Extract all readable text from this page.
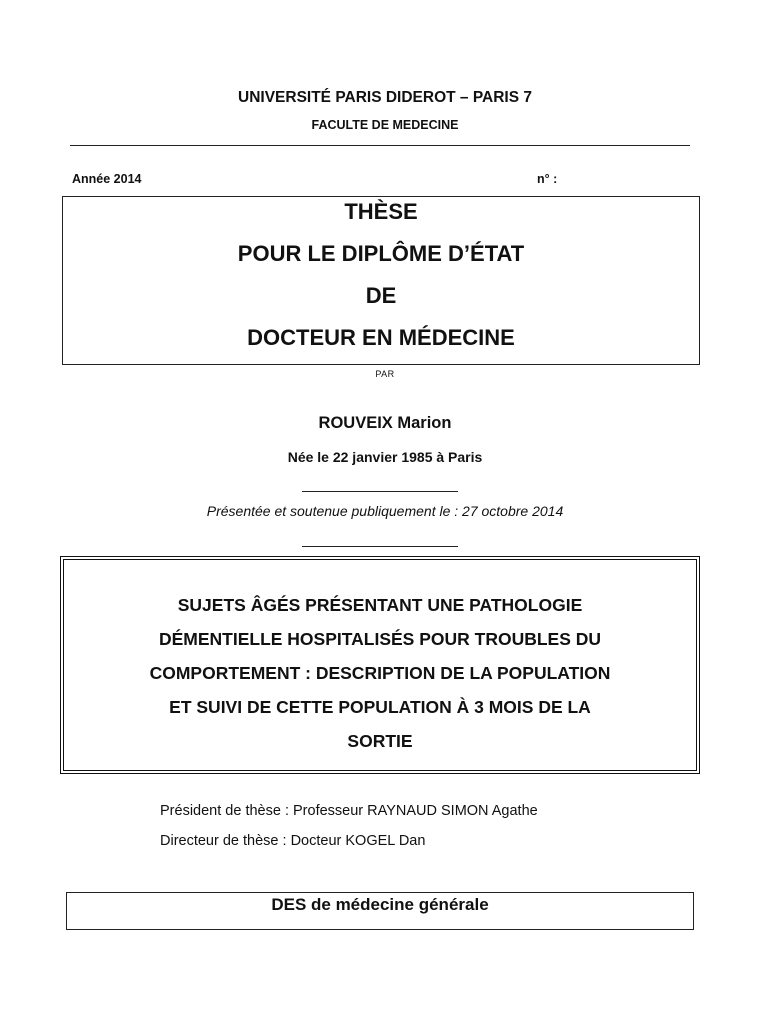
UNIVERSITÉ PARIS DIDEROT – PARIS 7
FACULTE DE MEDECINE
Année 2014	n° :
THÈSE
POUR LE DIPLÔME D’ÉTAT
DE
DOCTEUR EN MÉDECINE
PAR
ROUVEIX Marion
Née le 22 janvier 1985 à Paris
Présentée et soutenue publiquement le : 27 octobre 2014
SUJETS ÂGÉS PRÉSENTANT UNE PATHOLOGIE
DÉMENTIELLE HOSPITALISÉS POUR TROUBLES DU
COMPORTEMENT : DESCRIPTION DE LA POPULATION
ET SUIVI DE CETTE POPULATION À 3 MOIS DE LA
SORTIE
Président de thèse : Professeur RAYNAUD SIMON Agathe
Directeur de thèse : Docteur KOGEL Dan
DES de médecine générale
